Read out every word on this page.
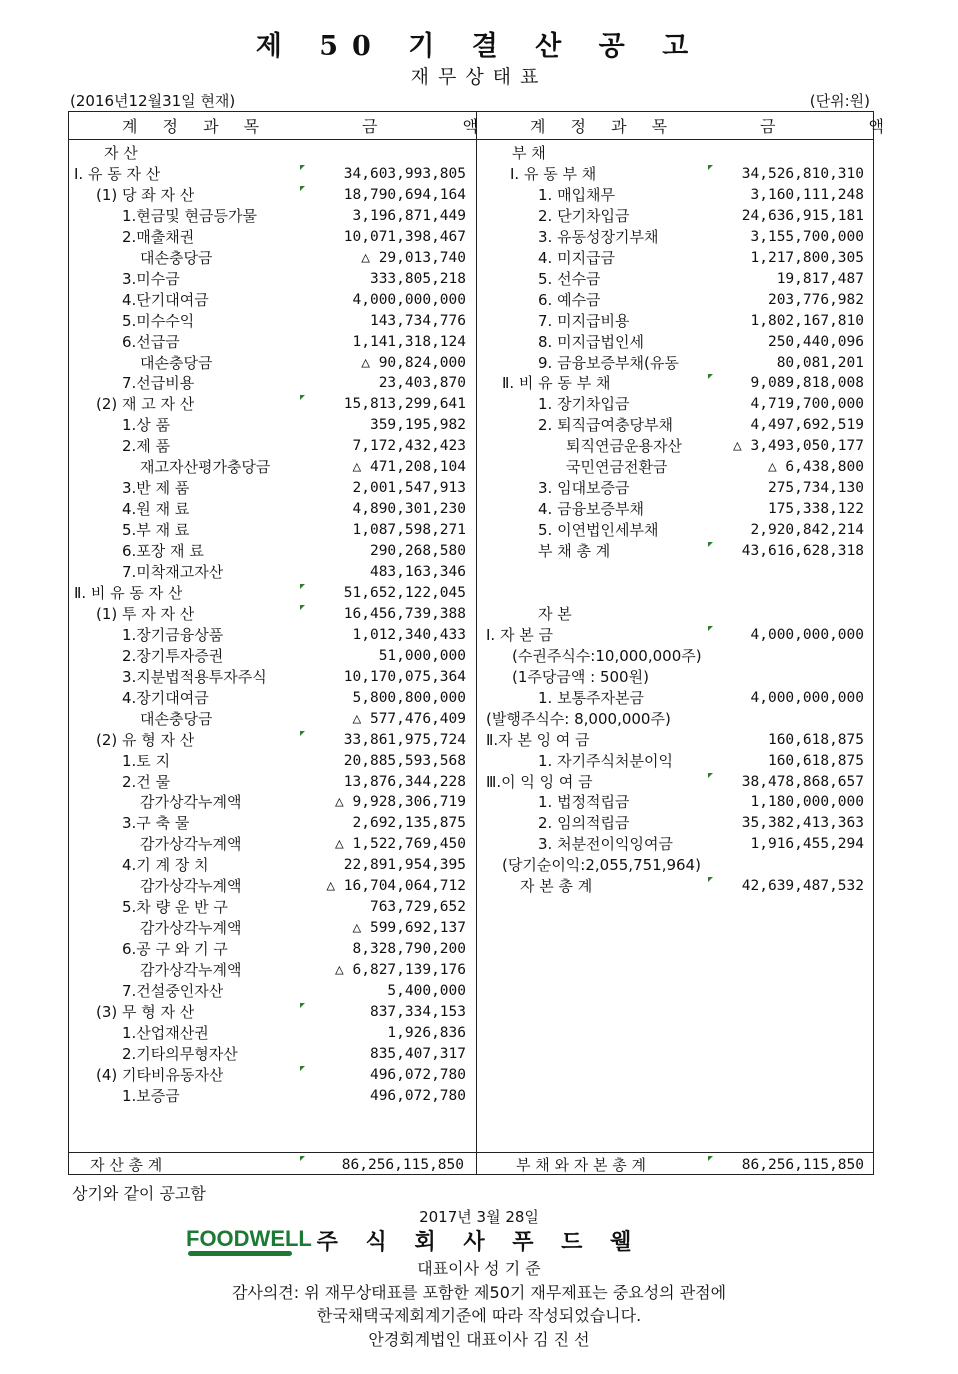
제 50 기 결 산 공 고
재무상태표
(2016년12월31일 현재)	(단위:원)
계 정 과 목	금 액 계 정 과 목	금 액
자 산
Ⅰ. 유 동 자 산	34,603,993,805
(1) 당 좌 자 산	18,790,694,164
1.현금및 현금등가물	3,196,871,449
2.매출채권	10,071,398,467
대손충당금	△ 29,013,740
3.미수금	333,805,218
4.단기대여금	4,000,000,000
5.미수수익	143,734,776
6.선급금	1,141,318,124
대손충당금	△ 90,824,000
7.선급비용	23,403,870
(2) 재 고 자 산	15,813,299,641
1.상 품	359,195,982
2.제 품	7,172,432,423
재고자산평가충당금	△ 471,208,104
3.반 제 품	2,001,547,913
4.원 재 료	4,890,301,230
5.부 재 료	1,087,598,271
6.포장 재 료	290,268,580
7.미착재고자산	483,163,346
Ⅱ. 비 유 동 자 산	51,652,122,045
(1) 투 자 자 산	16,456,739,388
1.장기금융상품	1,012,340,433
2.장기투자증권	51,000,000
3.지분법적용투자주식	10,170,075,364
4.장기대여금	5,800,800,000
대손충당금	△ 577,476,409
(2) 유 형 자 산	33,861,975,724
1.토 지	20,885,593,568
2.건 물	13,876,344,228
감가상각누계액	△ 9,928,306,719
3.구 축 물	2,692,135,875
감가상각누계액	△ 1,522,769,450
4.기 계 장 치	22,891,954,395
감가상각누계액	△ 16,704,064,712
5.차 량 운 반 구	763,729,652
감가상각누계액	△ 599,692,137
6.공 구 와 기 구	8,328,790,200
감가상각누계액	△ 6,827,139,176
7.건설중인자산	5,400,000
(3) 무 형 자 산	837,334,153
1.산업재산권	1,926,836
2.기타의무형자산	835,407,317
(4) 기타비유동자산	496,072,780
1.보증금	496,072,780
부 채
Ⅰ. 유 동 부 채	34,526,810,310
1. 매입채무	3,160,111,248
2. 단기차입금	24,636,915,181
3. 유동성장기부채	3,155,700,000
4. 미지급금	1,217,800,305
5. 선수금	19,817,487
6. 예수금	203,776,982
7. 미지급비용	1,802,167,810
8. 미지급법인세	250,440,096
9. 금융보증부채(유동	80,081,201
Ⅱ. 비 유 동 부 채	9,089,818,008
1. 장기차입금	4,719,700,000
2. 퇴직급여충당부채	4,497,692,519
퇴직연금운용자산	△ 3,493,050,177
국민연금전환금	△ 6,438,800
3. 임대보증금	275,734,130
4. 금융보증부채	175,338,122
5. 이연법인세부채	2,920,842,214
부 채 총 계	43,616,628,318
자 본
Ⅰ. 자 본 금	4,000,000,000
(수권주식수:10,000,000주)
(1주당금액 : 500원)
1. 보통주자본금	4,000,000,000
(발행주식수: 8,000,000주)
Ⅱ.자 본 잉 여 금	160,618,875
1. 자기주식처분이익	160,618,875
Ⅲ.이 익 잉 여 금	38,478,868,657
1. 법정적립금	1,180,000,000
2. 임의적립금	35,382,413,363
3. 처분전이익잉여금	1,916,455,294
(당기순이익:2,055,751,964)
자 본 총 계	42,639,487,532
자 산 총 계	86,256,115,850	부 채 와 자 본 총 계	86,256,115,850
상기와 같이 공고함
2017년 3월 28일
FOODWELL 주 식 회 사 푸 드 웰
대표이사 성 기 준
감사의견: 위 재무상태표를 포함한 제50기 재무제표는 중요성의 관점에
한국채택국제회계기준에 따라 작성되었습니다.
안경회계법인 대표이사 김 진 선
